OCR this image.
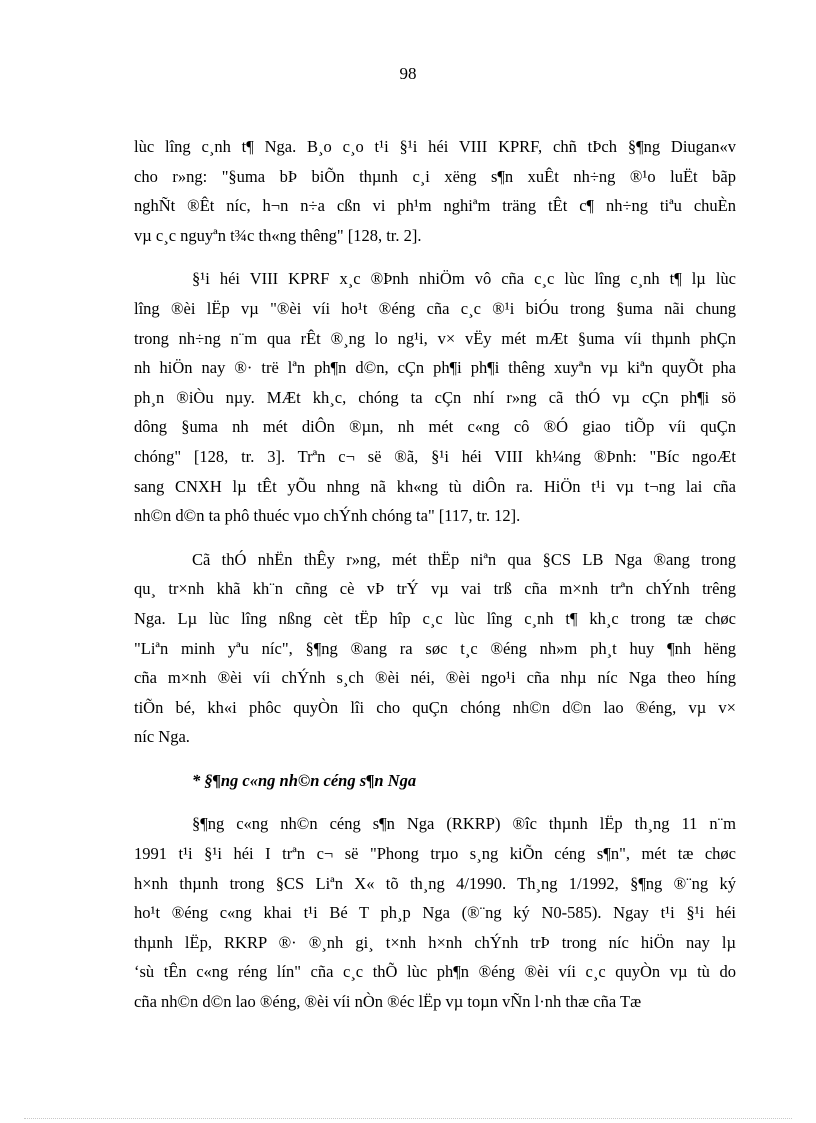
98
lùc lîng c¸nh t¶ Nga. B¸o c¸o t¹i §¹i héi VIII KPRF, chñ tÞch §¶ng Diugan«v
cho r»ng: "§uma bÞ biÕn thµnh c¸i xëng s¶n xuÊt nh÷ng ®¹o luËt bãp
nghÑt ®Êt níc, h¬n n÷a cßn vi ph¹m nghiªm träng tÊt c¶ nh÷ng tiªu chuÈn
vµ c¸c nguyªn t¾c th«ng thêng" [128, tr. 2].
§¹i héi VIII KPRF x¸c ®Þnh nhiÖm vô cña c¸c lùc lîng c¸nh t¶ lµ lùc
lîng ®èi lËp vµ "®èi víi ho¹t ®éng cña c¸c ®¹i biÓu trong §uma nãi chung
trong nh÷ng n¨m qua rÊt ®¸ng lo ng¹i, v× vËy mét mÆt §uma víi thµnh phÇn
nh hiÖn nay ®· trë lªn ph¶n d©n, cÇn ph¶i ph¶i thêng xuyªn vµ kiªn quyÕt pha
ph¸n ®iÒu nµy. MÆt kh¸c, chóng ta cÇn nhí r»ng cã thÓ vµ cÇn ph¶i sö
dông §uma nh mét diÔn ®µn, nh mét c«ng cô ®Ó giao tiÕp víi quÇn
chóng" [128, tr. 3]. Trªn c¬ së ®ã, §¹i héi VIII kh¼ng ®Þnh: "Bíc ngoÆt
sang CNXH lµ tÊt yÕu nhng nã kh«ng tù diÔn ra. HiÖn t¹i vµ t¬ng lai cña
nh©n d©n ta phô thuéc vµo chÝnh chóng ta" [117, tr. 12].
Cã thÓ nhËn thÊy r»ng, mét thËp niªn qua §CS LB Nga ®ang trong
qu¸ tr×nh khã kh¨n cñng cè vÞ trÝ vµ vai trß cña m×nh trªn chÝnh trêng
Nga. Lµ lùc lîng nßng cèt tËp hîp c¸c lùc lîng c¸nh t¶ kh¸c trong tæ chøc
"Liªn minh yªu níc", §¶ng ®ang ra søc t¸c ®éng nh»m ph¸t huy ¶nh hëng
cña m×nh ®èi víi chÝnh s¸ch ®èi néi, ®èi ngo¹i cña nhµ níc Nga theo híng
tiÕn bé, kh«i phôc quyÒn lîi cho quÇn chóng nh©n d©n lao ®éng, vµ v×
níc Nga.
* §¶ng c«ng nh©n céng s¶n Nga
§¶ng c«ng nh©n céng s¶n Nga (RKRP) ®îc thµnh lËp th¸ng 11 n¨m
1991 t¹i §¹i héi I trªn c¬ së "Phong trµo s¸ng kiÕn céng s¶n", mét tæ chøc
h×nh thµnh trong §CS Liªn X« tõ th¸ng 4/1990. Th¸ng 1/1992, §¶ng ®¨ng ký
ho¹t ®éng c«ng khai t¹i Bé T ph¸p Nga (®¨ng ký N0-585). Ngay t¹i §¹i héi
thµnh lËp, RKRP ®· ®¸nh gi¸ t×nh h×nh chÝnh trÞ trong níc hiÖn nay lµ
‘sù tÊn c«ng réng lín" cña c¸c thÕ lùc ph¶n ®éng ®èi víi c¸c quyÒn vµ tù do
cña nh©n d©n lao ®éng, ®èi víi nÒn ®éc lËp vµ toµn vÑn l·nh thæ cña Tæ
